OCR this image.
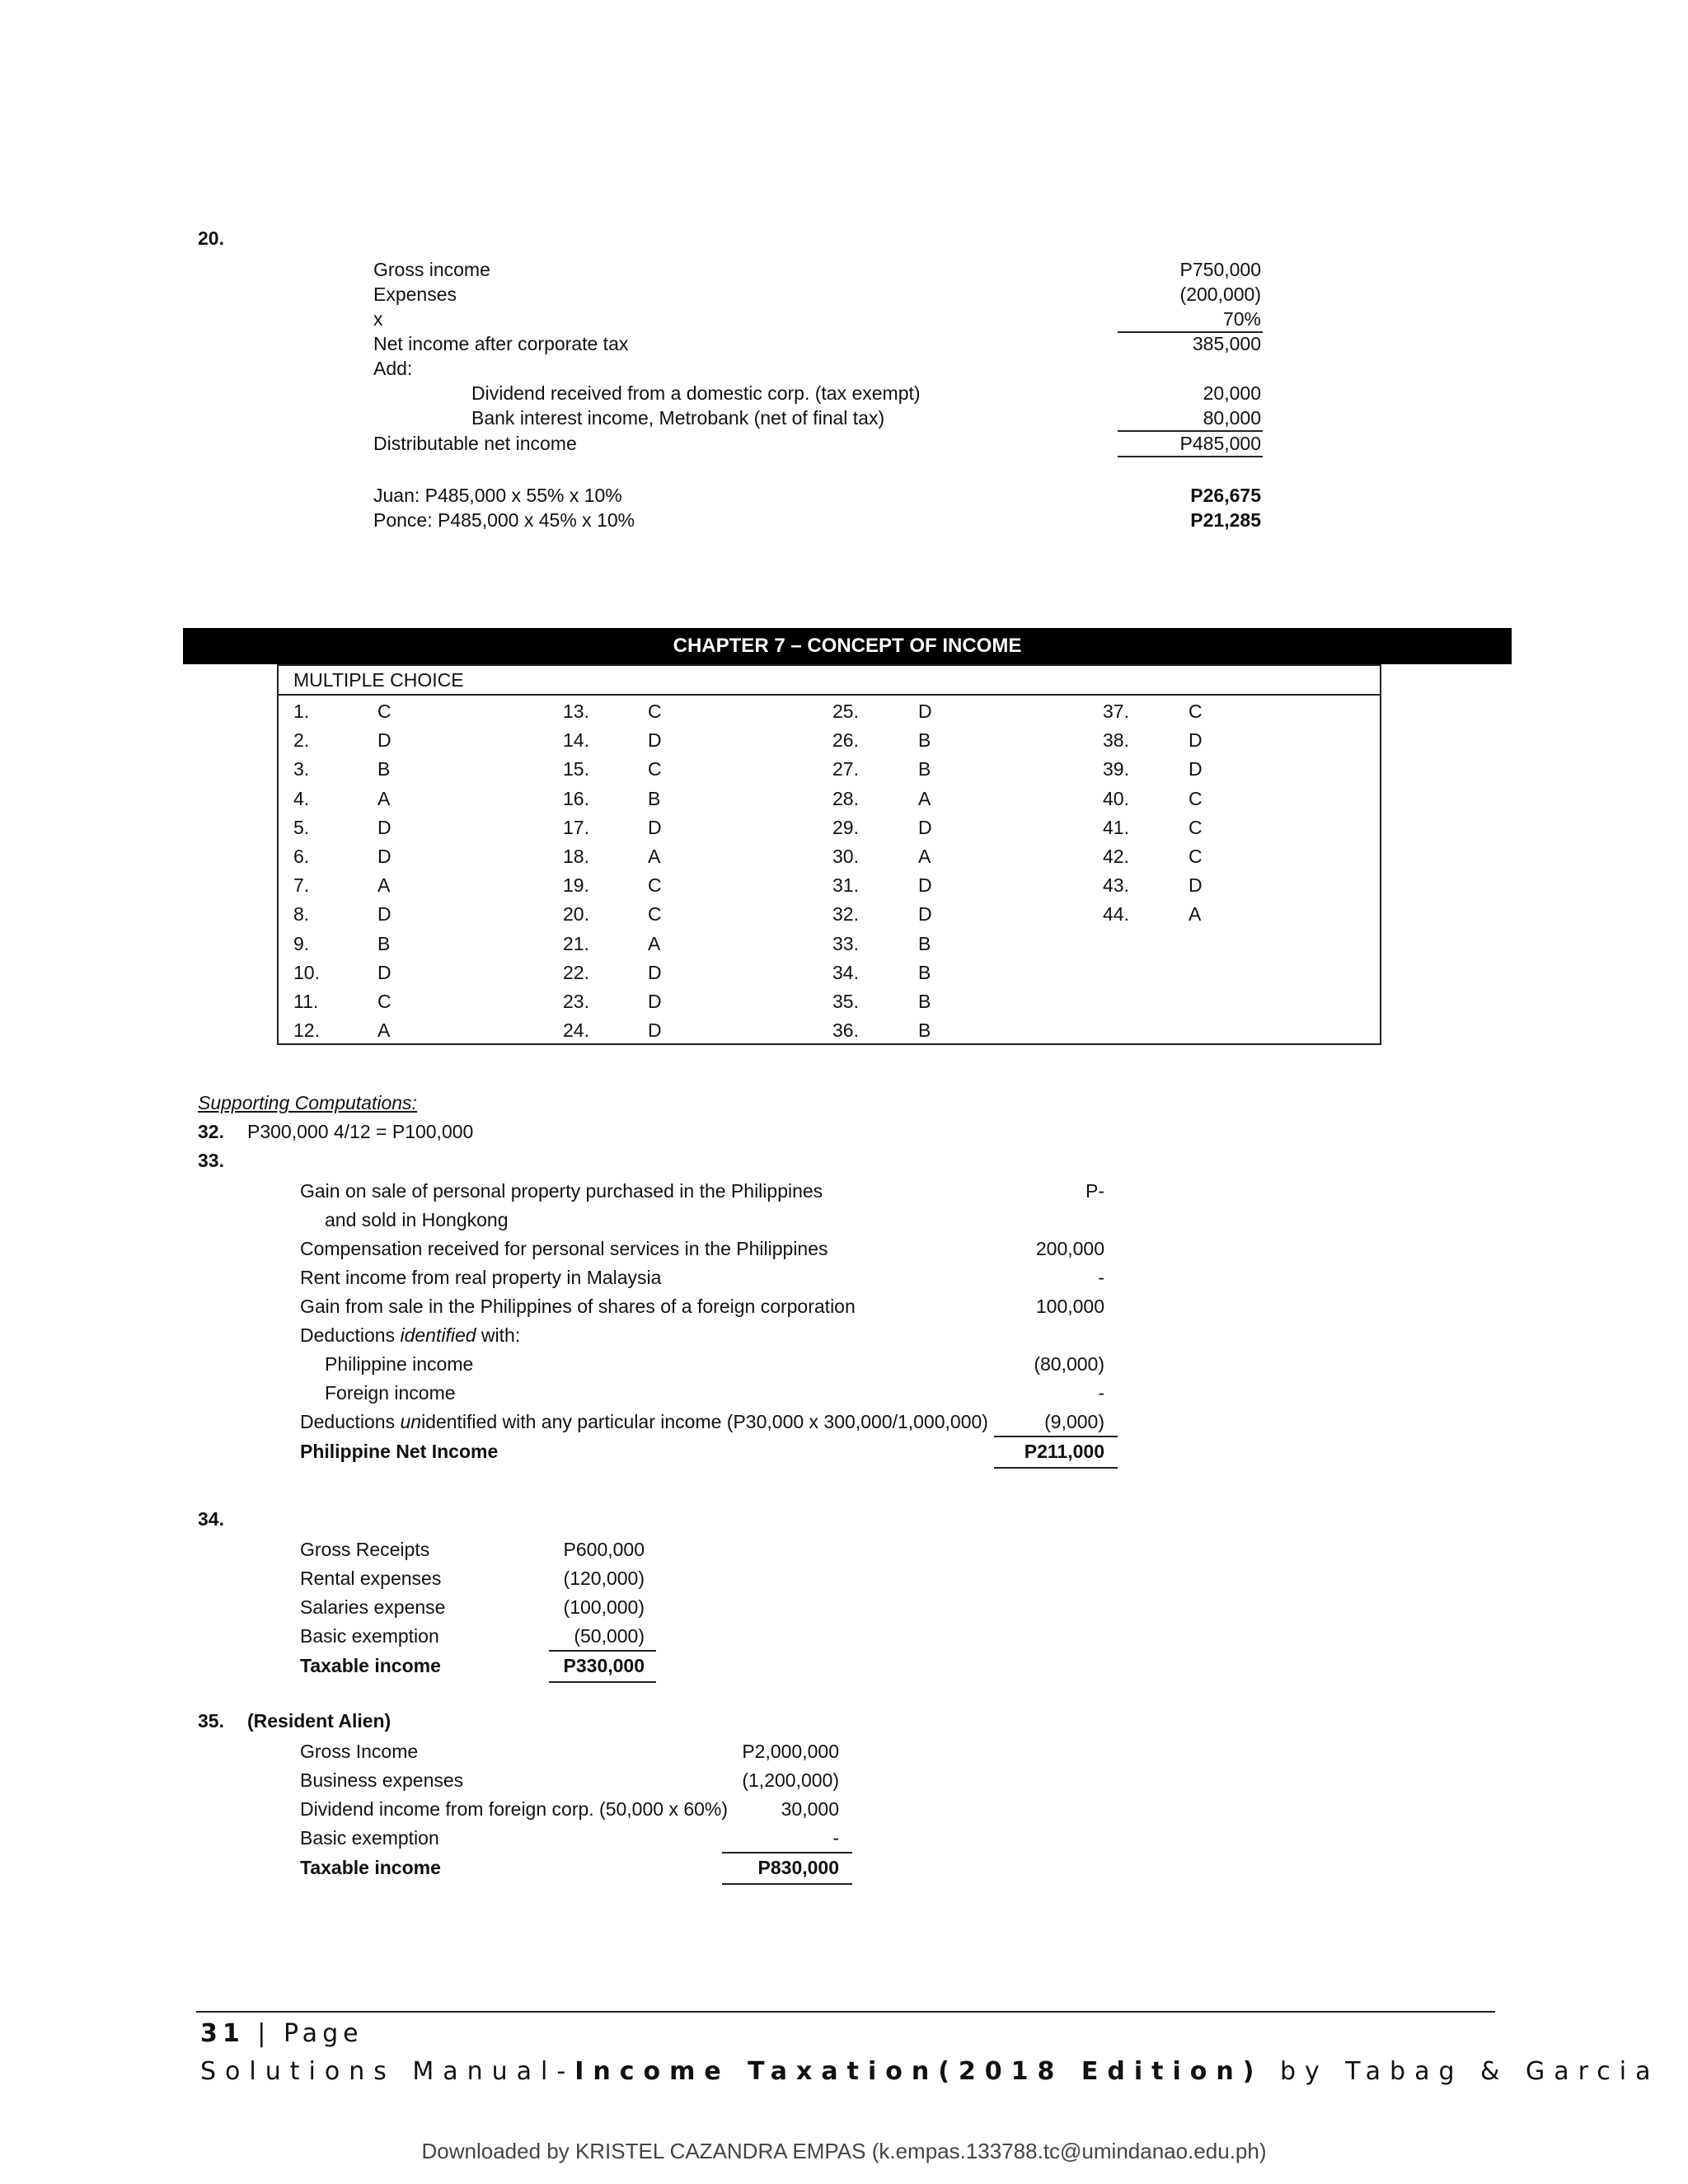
20.
Gross income	P750,000
Expenses	(200,000)
x	70%
Net income after corporate tax	385,000
Add:
Dividend received from a domestic corp. (tax exempt)	20,000
Bank interest income, Metrobank (net of final tax)	80,000
Distributable net income	P485,000
Juan: P485,000 x 55% x 10%	P26,675
Ponce: P485,000 x 45% x 10%	P21,285
CHAPTER 7 – CONCEPT OF INCOME
MULTIPLE CHOICE
1.	C
2.	D
3.	B
4.	A
5.	D
6.	D
7.	A
8.	D
9.	B
10.	D
11.	C
12.	A
13.	C
14.	D
15.	C
16.	B
17.	D
18.	A
19.	C
20.	C
21.	A
22.	D
23.	D
24.	D
25.	D
26.	B
27.	B
28.	A
29.	D
30.	A
31.	D
32.	D
33.	B
34.	B
35.	B
36.	B
37.	C
38.	D
39.	D
40.	C
41.	C
42.	C
43.	D
44.	A
Supporting Computations:
32. P300,000 4/12 = P100,000
33.
Gain on sale of personal property purchased in the Philippines	P-
and sold in Hongkong
Compensation received for personal services in the Philippines	200,000
Rent income from real property in Malaysia	-
Gain from sale in the Philippines of shares of a foreign corporation	100,000
Deductions identified with:
Philippine income	(80,000)
Foreign income	-
Deductions unidentified with any particular income (P30,000 x 300,000/1,000,000)	(9,000)
Philippine Net Income	P211,000
34.
Gross Receipts	P600,000
Rental expenses	(120,000)
Salaries expense	(100,000)
Basic exemption	(50,000)
Taxable income	P330,000
35. (Resident Alien)
Gross Income	P2,000,000
Business expenses	(1,200,000)
Dividend income from foreign corp. (50,000 x 60%)	30,000
Basic exemption	-
Taxable income	P830,000
31 | Page
Solutions Manual-Income Taxation(2018 Edition) by Tabag & Garcia
Downloaded by KRISTEL CAZANDRA EMPAS (k.empas.133788.tc@umindanao.edu.ph)
